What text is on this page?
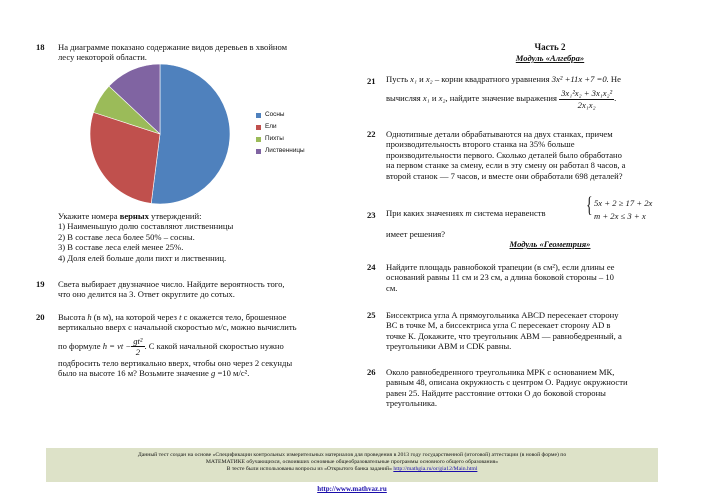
18 На диаграмме показано содержание видов деревьев в хвойном
лесу некоторой области.
Сосны
Ели
Пихты
Лиственницы
Укажите номера верных утверждений:
1) Наименьшую долю составляют лиственницы
2) В составе леса более 50% – сосны.
3) В составе леса елей менее 25%.
4) Доля елей больше доли пихт и лиственниц.
19 Света выбирает двузначное число. Найдите вероятность того,
что оно делится на 3. Ответ округлите до сотых.
20 Высота h (в м), на которой через t с окажется тело, брошенное
вертикально вверх с начальной скоростью м/с, можно вычислить
по формуле h = vt − $\frac{\text{gt²}}{2}$ . С какой начальной скоростью нужно
подбросить тело вертикально вверх, чтобы оно через 2 секунды
было на высоте 16 м? Возьмите значение g =10 м/с².
Часть 2
Модуль «Алгебра»
21 Пусть x₁ и x₂ – корни квадратного уравнения 3x² +11x +7 =0. Не
вычисляя x₁ и x₂, найдите значение выражения $\frac{\text{3x₁²x₂ + 3x₁x₂²}}{\text{2x₁x₂}}$ .
22 Однотипные детали обрабатываются на двух станках, причем
производительность второго станка на 35% больше
производительности первого. Сколько деталей было обработано
на первом станке за смену, если в эту смену он работал 8 часов, а
второй станок — 7 часов, и вместе они обработали 698 деталей?
23 При каких значениях m система неравенств { 5x + 2 ≥ 17 + 2x
m + 2x ≤ 3 + x
имеет решения?
Модуль «Геометрия»
24 Найдите площадь равнобокой трапеции (в см²), если длины ее
оснований равны 11 см и 23 см, а длина боковой стороны – 10
см.
25 Биссектриса угла А прямоугольника ABCD пересекает сторону
ВС в точке М, а биссектриса угла С пересекает сторону AD в
точке К. Докажите, что треугольник АВМ — равнобедренный, а
треугольники АВМ и CDK равны.
26 Около равнобедренного треугольника MPK с основанием МК,
равным 48, описана окружность с центром О. Радиус окружности
равен 25. Найдите расстояние оттоки О до боковой стороны
треугольника.
Данный тест создан на основе «Спецификации контрольных измерительных материалов для проведения в 2013 году государственной (итоговой) аттестации (в новой форме) по
МАТЕМАТИКЕ обучающихся, освоивших основные общеобразовательные программы основного общего образования»
В тесте были использованы вопросы из «Открытого банка заданий» http://mathgia.ru/or/gia12/Main.html
http://www.mathvaz.ru
